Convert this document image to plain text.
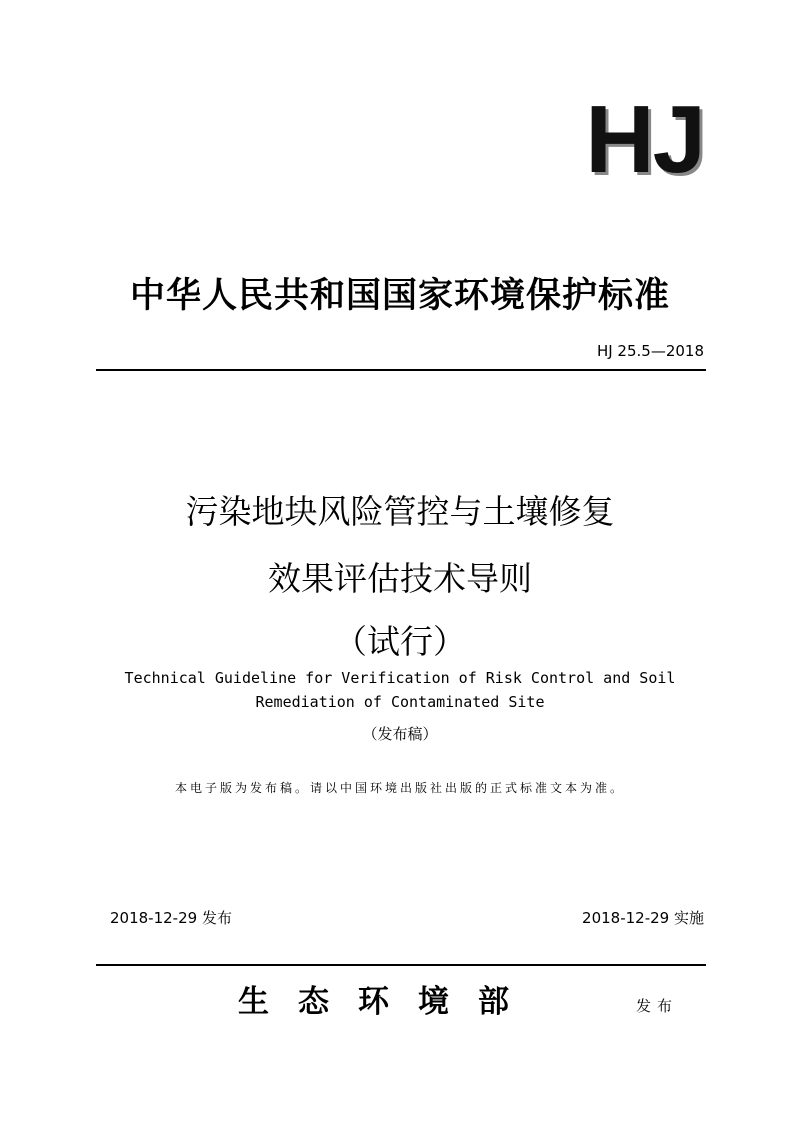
HJ
中华人民共和国国家环境保护标准
HJ 25.5—2018
污染地块风险管控与土壤修复
效果评估技术导则
（试行）
Technical Guideline for Verification of Risk Control and Soil
Remediation of Contaminated Site
（发布稿）
本电子版为发布稿。请以中国环境出版社出版的正式标准文本为准。
2018-12-29 发布	2018-12-29 实施
生态环境部	发布
